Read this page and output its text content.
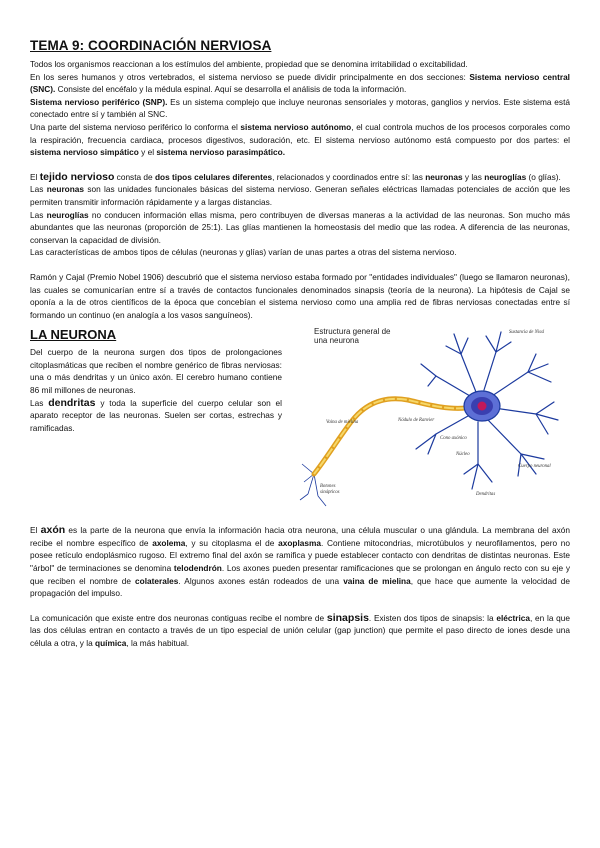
TEMA 9: COORDINACIÓN NERVIOSA

Todos los organismos reaccionan a los estímulos del ambiente, propiedad que se denomina irritabilidad o excitabilidad.

En los seres humanos y otros vertebrados, el sistema nervioso se puede dividir principalmente en dos secciones: Sistema nervioso central (SNC). Consiste del encéfalo y la médula espinal. Aquí se desarrolla el análisis de toda la información.

Sistema nervioso periférico (SNP). Es un sistema complejo que incluye neuronas sensoriales y motoras, ganglios y nervios. Este sistema está conectado entre sí y también al SNC.

Una parte del sistema nervioso periférico lo conforma el sistema nervioso autónomo, el cual controla muchos de los procesos corporales como la respiración, frecuencia cardiaca, procesos digestivos, sudoración, etc. El sistema nervioso autónomo está compuesto por dos partes: el sistema nervioso simpático y el sistema nervioso parasimpático.

El tejido nervioso consta de dos tipos celulares diferentes, relacionados y coordinados entre sí: las neuronas y las neuroglías (o glías).

Las neuronas son las unidades funcionales básicas del sistema nervioso. Generan señales eléctricas llamadas potenciales de acción que les permiten transmitir información rápidamente y a largas distancias.

Las neuroglías no conducen información ellas misma, pero contribuyen de diversas maneras a la actividad de las neuronas. Son mucho más abundantes que las neuronas (proporción de 25:1). Las glías mantienen la homeostasis del medio que las rodea. A diferencia de las neuronas, conservan la capacidad de división.

Las características de ambos tipos de células (neuronas y glías) varían de unas partes a otras del sistema nervioso.

Ramón y Cajal (Premio Nobel 1906) descubrió que el sistema nervioso estaba formado por "entidades individuales" (luego se llamaron neuronas), las cuales se comunicarían entre sí a través de contactos funcionales denominados sinapsis (teoría de la neurona). La hipótesis de Cajal se oponía a la de otros científicos de la época que concebían el sistema nervioso como una amplia red de fibras nerviosas conectadas entre sí formando un continuo (en analogía a los vasos sanguíneos).

LA NEURONA

Del cuerpo de la neurona surgen dos tipos de prolongaciones citoplasmáticas que reciben el nombre genérico de fibras nerviosas: una o más dendritas y un único axón. El cerebro humano contiene 86 mil millones de neuronas.

Las dendritas y toda la superficie del cuerpo celular son el aparato receptor de las neuronas. Suelen ser cortas, estrechas y ramificadas.

Estructura general de una neurona
Sustancia de Nissl
Vaina de mielina	Nódulo de Ranvier
Cono axónico
Núcleo
Cuerpo neuronal
Botones sinápticos	Dendritas

El axón es la parte de la neurona que envía la información hacia otra neurona, una célula muscular o una glándula. La membrana del axón recibe el nombre específico de axolema, y su citoplasma el de axoplasma. Contiene mitocondrias, microtúbulos y neurofilamentos, pero no posee retículo endoplásmico rugoso. El extremo final del axón se ramifica y puede establecer contacto con dendritas de distintas neuronas. Este "árbol" de terminaciones se denomina telodendrón. Los axones pueden presentar ramificaciones que se prolongan en ángulo recto con su eje y que reciben el nombre de colaterales. Algunos axones están rodeados de una vaina de mielina, que hace que aumente la velocidad de propagación del impulso.

La comunicación que existe entre dos neuronas contiguas recibe el nombre de sinapsis. Existen dos tipos de sinapsis: la eléctrica, en la que las dos células entran en contacto a través de un tipo especial de unión celular (gap junction) que permite el paso directo de iones desde una célula a otra, y la química, la más habitual.
